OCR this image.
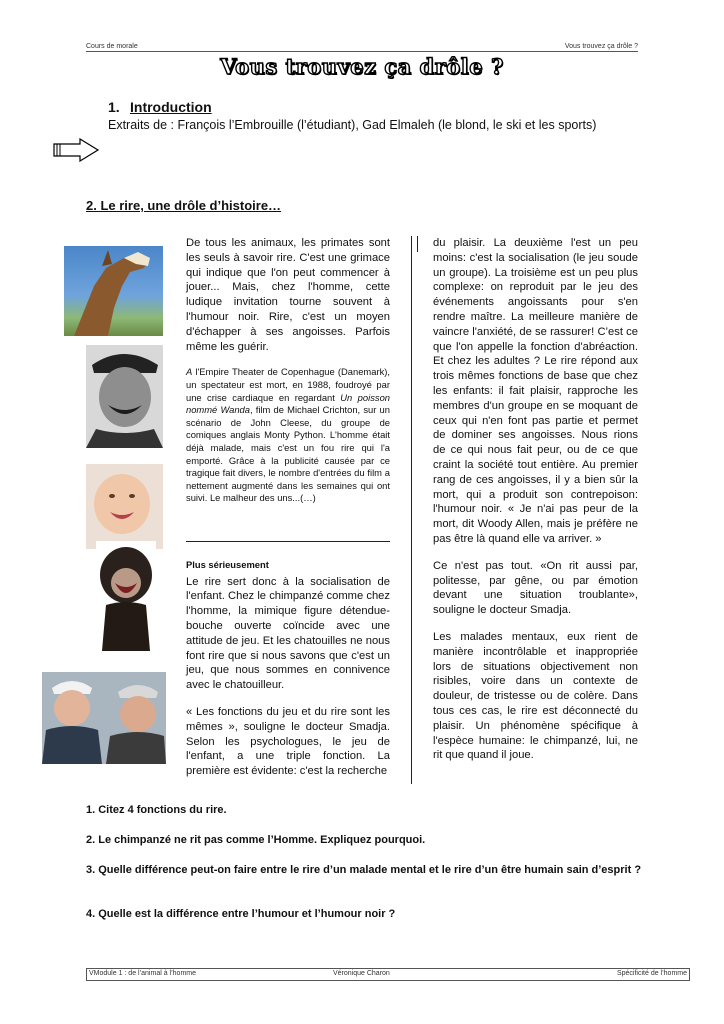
Cours de morale	Vous trouvez ça drôle ?
Vous trouvez ça drôle ?
1. Introduction
Extraits de : François l’Embrouille (l’étudiant), Gad Elmaleh (le blond, le ski et les sports)
2. Le rire, une drôle d’histoire…

De tous les animaux, les primates sont les seuls à savoir rire. C'est une grimace qui indique que l'on peut commencer à jouer... Mais, chez l'homme, cette ludique invitation tourne souvent à l'humour noir. Rire, c'est un moyen d'échapper à ses angoisses. Parfois même les guérir.

A l'Empire Theater de Copenhague (Danemark), un spectateur est mort, en 1988, foudroyé par une crise cardiaque en regardant Un poisson nommé Wanda, film de Michael Crichton, sur un scénario de John Cleese, du groupe de comiques anglais Monty Python. L'homme était déjà malade, mais c'est un fou rire qui l'a emporté. Grâce à la publicité causée par ce tragique fait divers, le nombre d'entrées du film a nettement augmenté dans les semaines qui ont suivi. Le malheur des uns...(…)

Plus sérieusement

Le rire sert donc à la socialisation de l'enfant. Chez le chimpanzé comme chez l'homme, la mimique figure détendue-bouche ouverte coïncide avec une attitude de jeu. Et les chatouilles ne nous font rire que si nous savons que c'est un jeu, que nous sommes en connivence avec le chatouilleur.

« Les fonctions du jeu et du rire sont les mêmes », souligne le docteur Smadja. Selon les psychologues, le jeu de l'enfant, a une triple fonction. La première est évidente: c'est la recherche

du plaisir. La deuxième l'est un peu moins: c'est la socialisation (le jeu soude un groupe). La troisième est un peu plus complexe: on reproduit par le jeu des événements angoissants pour s'en rendre maître. La meilleure manière de vaincre l'anxiété, de se rassurer! C’est ce que l'on appelle la fonction d'abréaction. Et chez les adultes ? Le rire répond aux trois mêmes fonctions de base que chez les enfants: il fait plaisir, rapproche les membres d'un groupe en se moquant de ceux qui n'en font pas partie et permet de dominer ses angoisses. Nous rions de ce qui nous fait peur, ou de ce que craint la société tout entière. Au premier rang de ces angoisses, il y a bien sûr la mort, qui a produit son contrepoison: l'humour noir. « Je n'ai pas peur de la mort, dit Woody Allen, mais je préfère ne pas être là quand elle va arriver. »

Ce n'est pas tout. «On rit aussi par, politesse, par gêne, ou par émotion devant une situation troublante», souligne le docteur Smadja.

Les malades mentaux, eux rient de manière incontrôlable et inappropriée lors de situations objectivement non risibles, voire dans un contexte de douleur, de tristesse ou de colère. Dans tous ces cas, le rire est déconnecté du plaisir. Un phénomène spécifique à l'espèce humaine: le chimpanzé, lui, ne rit que quand il joue.

1. Citez 4 fonctions du rire.
2. Le chimpanzé ne rit pas comme l’Homme. Expliquez pourquoi.
3. Quelle différence peut-on faire entre le rire d’un malade mental et le rire d’un être humain sain d’esprit ?
4. Quelle est la différence entre l’humour et l’humour noir ?
VModule 1 : de l’animal à l’homme	Véronique Charon	Spécificité de l’homme
